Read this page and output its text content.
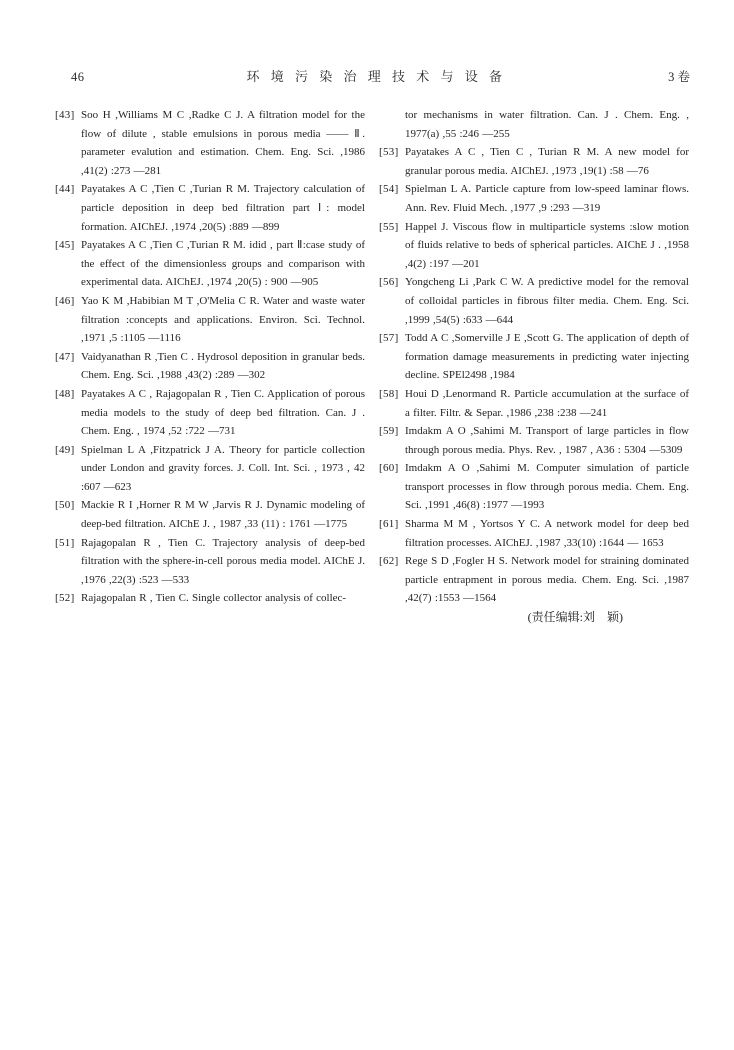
46	环 境 污 染 治 理 技 术 与 设 备	3 卷
[43] Soo H ,Williams M C ,Radke C J. A filtration model for the flow of dilute , stable emulsions in porous media —— Ⅱ. parameter evalution and estimation. Chem. Eng. Sci. ,1986 ,41(2) :273 —281
[44] Payatakes A C ,Tien C ,Turian R M. Trajectory calculation of particle deposition in deep bed filtration part Ⅰ: model formation. AIChEJ. ,1974 ,20(5) :889 —899
[45] Payatakes A C ,Tien C ,Turian R M. idid , part Ⅱ:case study of the effect of the dimensionless groups and comparison with experimental data. AIChEJ. ,1974 ,20(5) : 900 —905
[46] Yao K M ,Habibian M T ,O'Melia C R. Water and waste water filtration :concepts and applications. Environ. Sci. Technol. ,1971 ,5 :1105 —1116
[47] Vaidyanathan R ,Tien C . Hydrosol deposition in granular beds. Chem. Eng. Sci. ,1988 ,43(2) :289 —302
[48] Payatakes A C , Rajagopalan R , Tien C. Application of porous media models to the study of deep bed filtration. Can. J . Chem. Eng. , 1974 ,52 :722 —731
[49] Spielman L A ,Fitzpatrick J A. Theory for particle collection under London and gravity forces. J. Coll. Int. Sci. , 1973 , 42 :607 —623
[50] Mackie R I ,Horner R M W ,Jarvis R J. Dynamic modeling of deep-bed filtration. AIChE J. , 1987 ,33 (11) : 1761 —1775
[51] Rajagopalan R , Tien C. Trajectory analysis of deep-bed filtration with the sphere-in-cell porous media model. AIChE J. ,1976 ,22(3) :523 —533
[52] Rajagopalan R , Tien C. Single collector analysis of collec-
tor mechanisms in water filtration. Can. J . Chem. Eng. , 1977(a) ,55 :246 —255
[53] Payatakes A C , Tien C , Turian R M. A new model for granular porous media. AIChEJ. ,1973 ,19(1) :58 —76
[54] Spielman L A. Particle capture from low-speed laminar flows. Ann. Rev. Fluid Mech. ,1977 ,9 :293 —319
[55] Happel J. Viscous flow in multiparticle systems :slow motion of fluids relative to beds of spherical particles. AIChE J . ,1958 ,4(2) :197 —201
[56] Yongcheng Li ,Park C W. A predictive model for the removal of colloidal particles in fibrous filter media. Chem. Eng. Sci. ,1999 ,54(5) :633 —644
[57] Todd A C ,Somerville J E ,Scott G. The application of depth of formation damage measurements in predicting water injecting decline. SPEl2498 ,1984
[58] Houi D ,Lenormand R. Particle accumulation at the surface of a filter. Filtr. & Separ. ,1986 ,238 :238 —241
[59] Imdakm A O ,Sahimi M. Transport of large particles in flow through porous media. Phys. Rev. , 1987 , A36 : 5304 —5309
[60] Imdakm A O ,Sahimi M. Computer simulation of particle transport processes in flow through porous media. Chem. Eng. Sci. ,1991 ,46(8) :1977 —1993
[61] Sharma M M , Yortsos Y C. A network model for deep bed filtration processes. AIChEJ. ,1987 ,33(10) :1644 — 1653
[62] Rege S D ,Fogler H S. Network model for straining dominated particle entrapment in porous media. Chem. Eng. Sci. ,1987 ,42(7) :1553 —1564
(责任编辑:刘　颖)
